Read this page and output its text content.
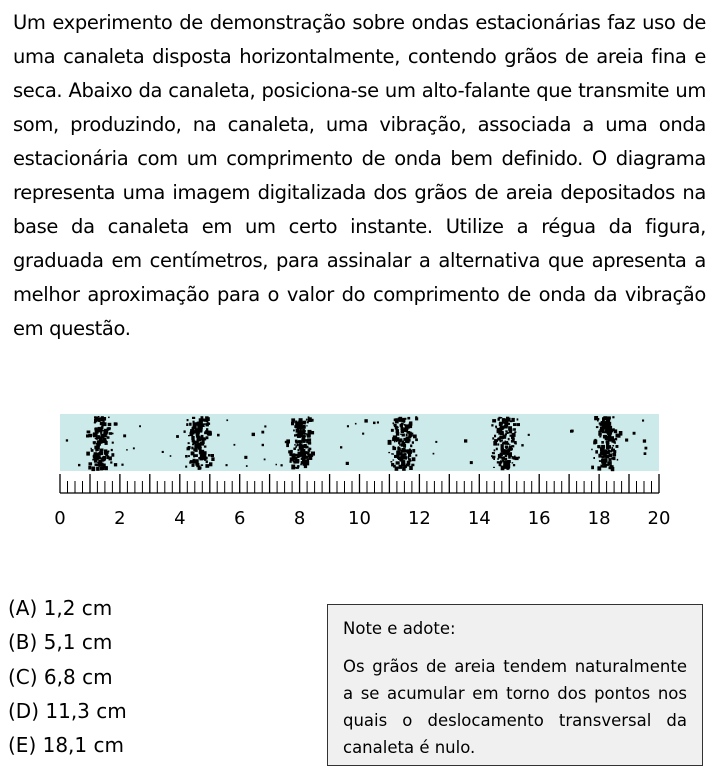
Um experimento de demonstração sobre ondas estacionárias faz uso de uma canaleta disposta horizontalmente, contendo grãos de areia fina e seca. Abaixo da canaleta, posiciona-se um alto-falante que transmite um som, produzindo, na canaleta, uma vibração, associada a uma onda estacionária com um comprimento de onda bem definido. O diagrama representa uma imagem digitalizada dos grãos de areia depositados na base da canaleta em um certo instante. Utilize a régua da figura, graduada em centímetros, para assinalar a alternativa que apresenta a melhor aproximação para o valor do comprimento de onda da vibração em questão.

0	2	4	6	8 10 12 14 16 18 20
(A) 1,2 cm
(B) 5,1 cm
(C) 6,8 cm
(D) 11,3 cm
(E) 18,1 cm

Note e adote:

Os grãos de areia tendem naturalmente a se acumular em torno dos pontos nos quais o deslocamento transversal da canaleta é nulo.
